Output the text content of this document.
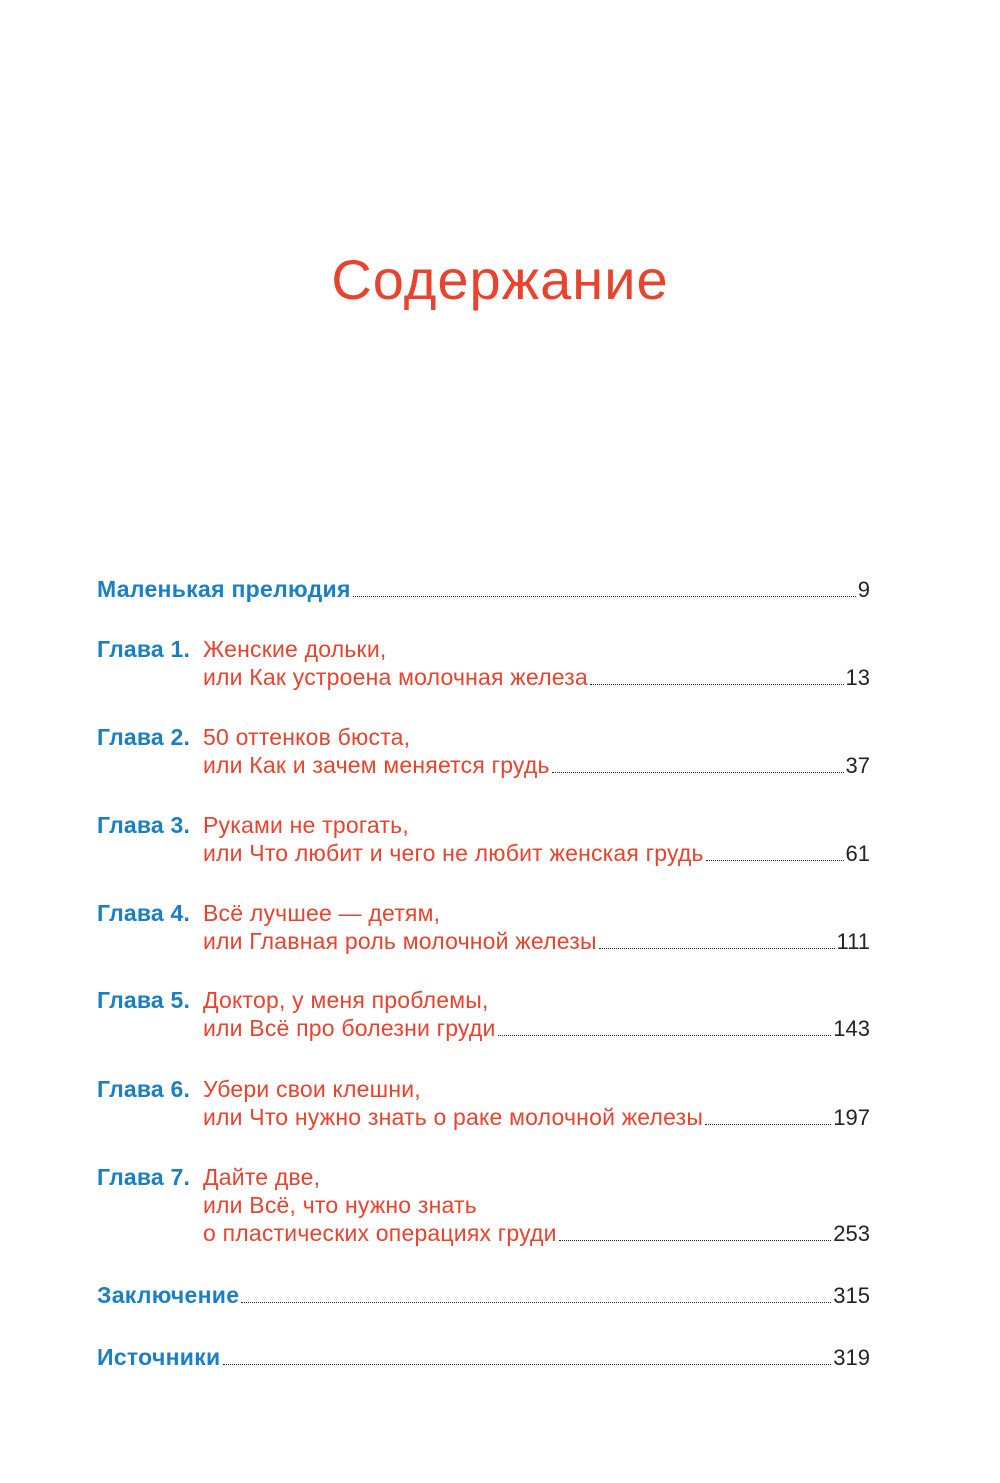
Содержание
Маленькая прелюдия	9
Глава 1. Женские дольки,
или Как устроена молочная железа	13
Глава 2. 50 оттенков бюста,
или Как и зачем меняется грудь	37
Глава 3. Руками не трогать,
или Что любит и чего не любит женская грудь	61
Глава 4. Всё лучшее — детям,
или Главная роль молочной железы	111
Глава 5. Доктор, у меня проблемы,
или Всё про болезни груди	143
Глава 6. Убери свои клешни,
или Что нужно знать о раке молочной железы	197
Глава 7. Дайте две,
или Всё, что нужно знать
о пластических операциях груди	253
Заключение	315
Источники	319
